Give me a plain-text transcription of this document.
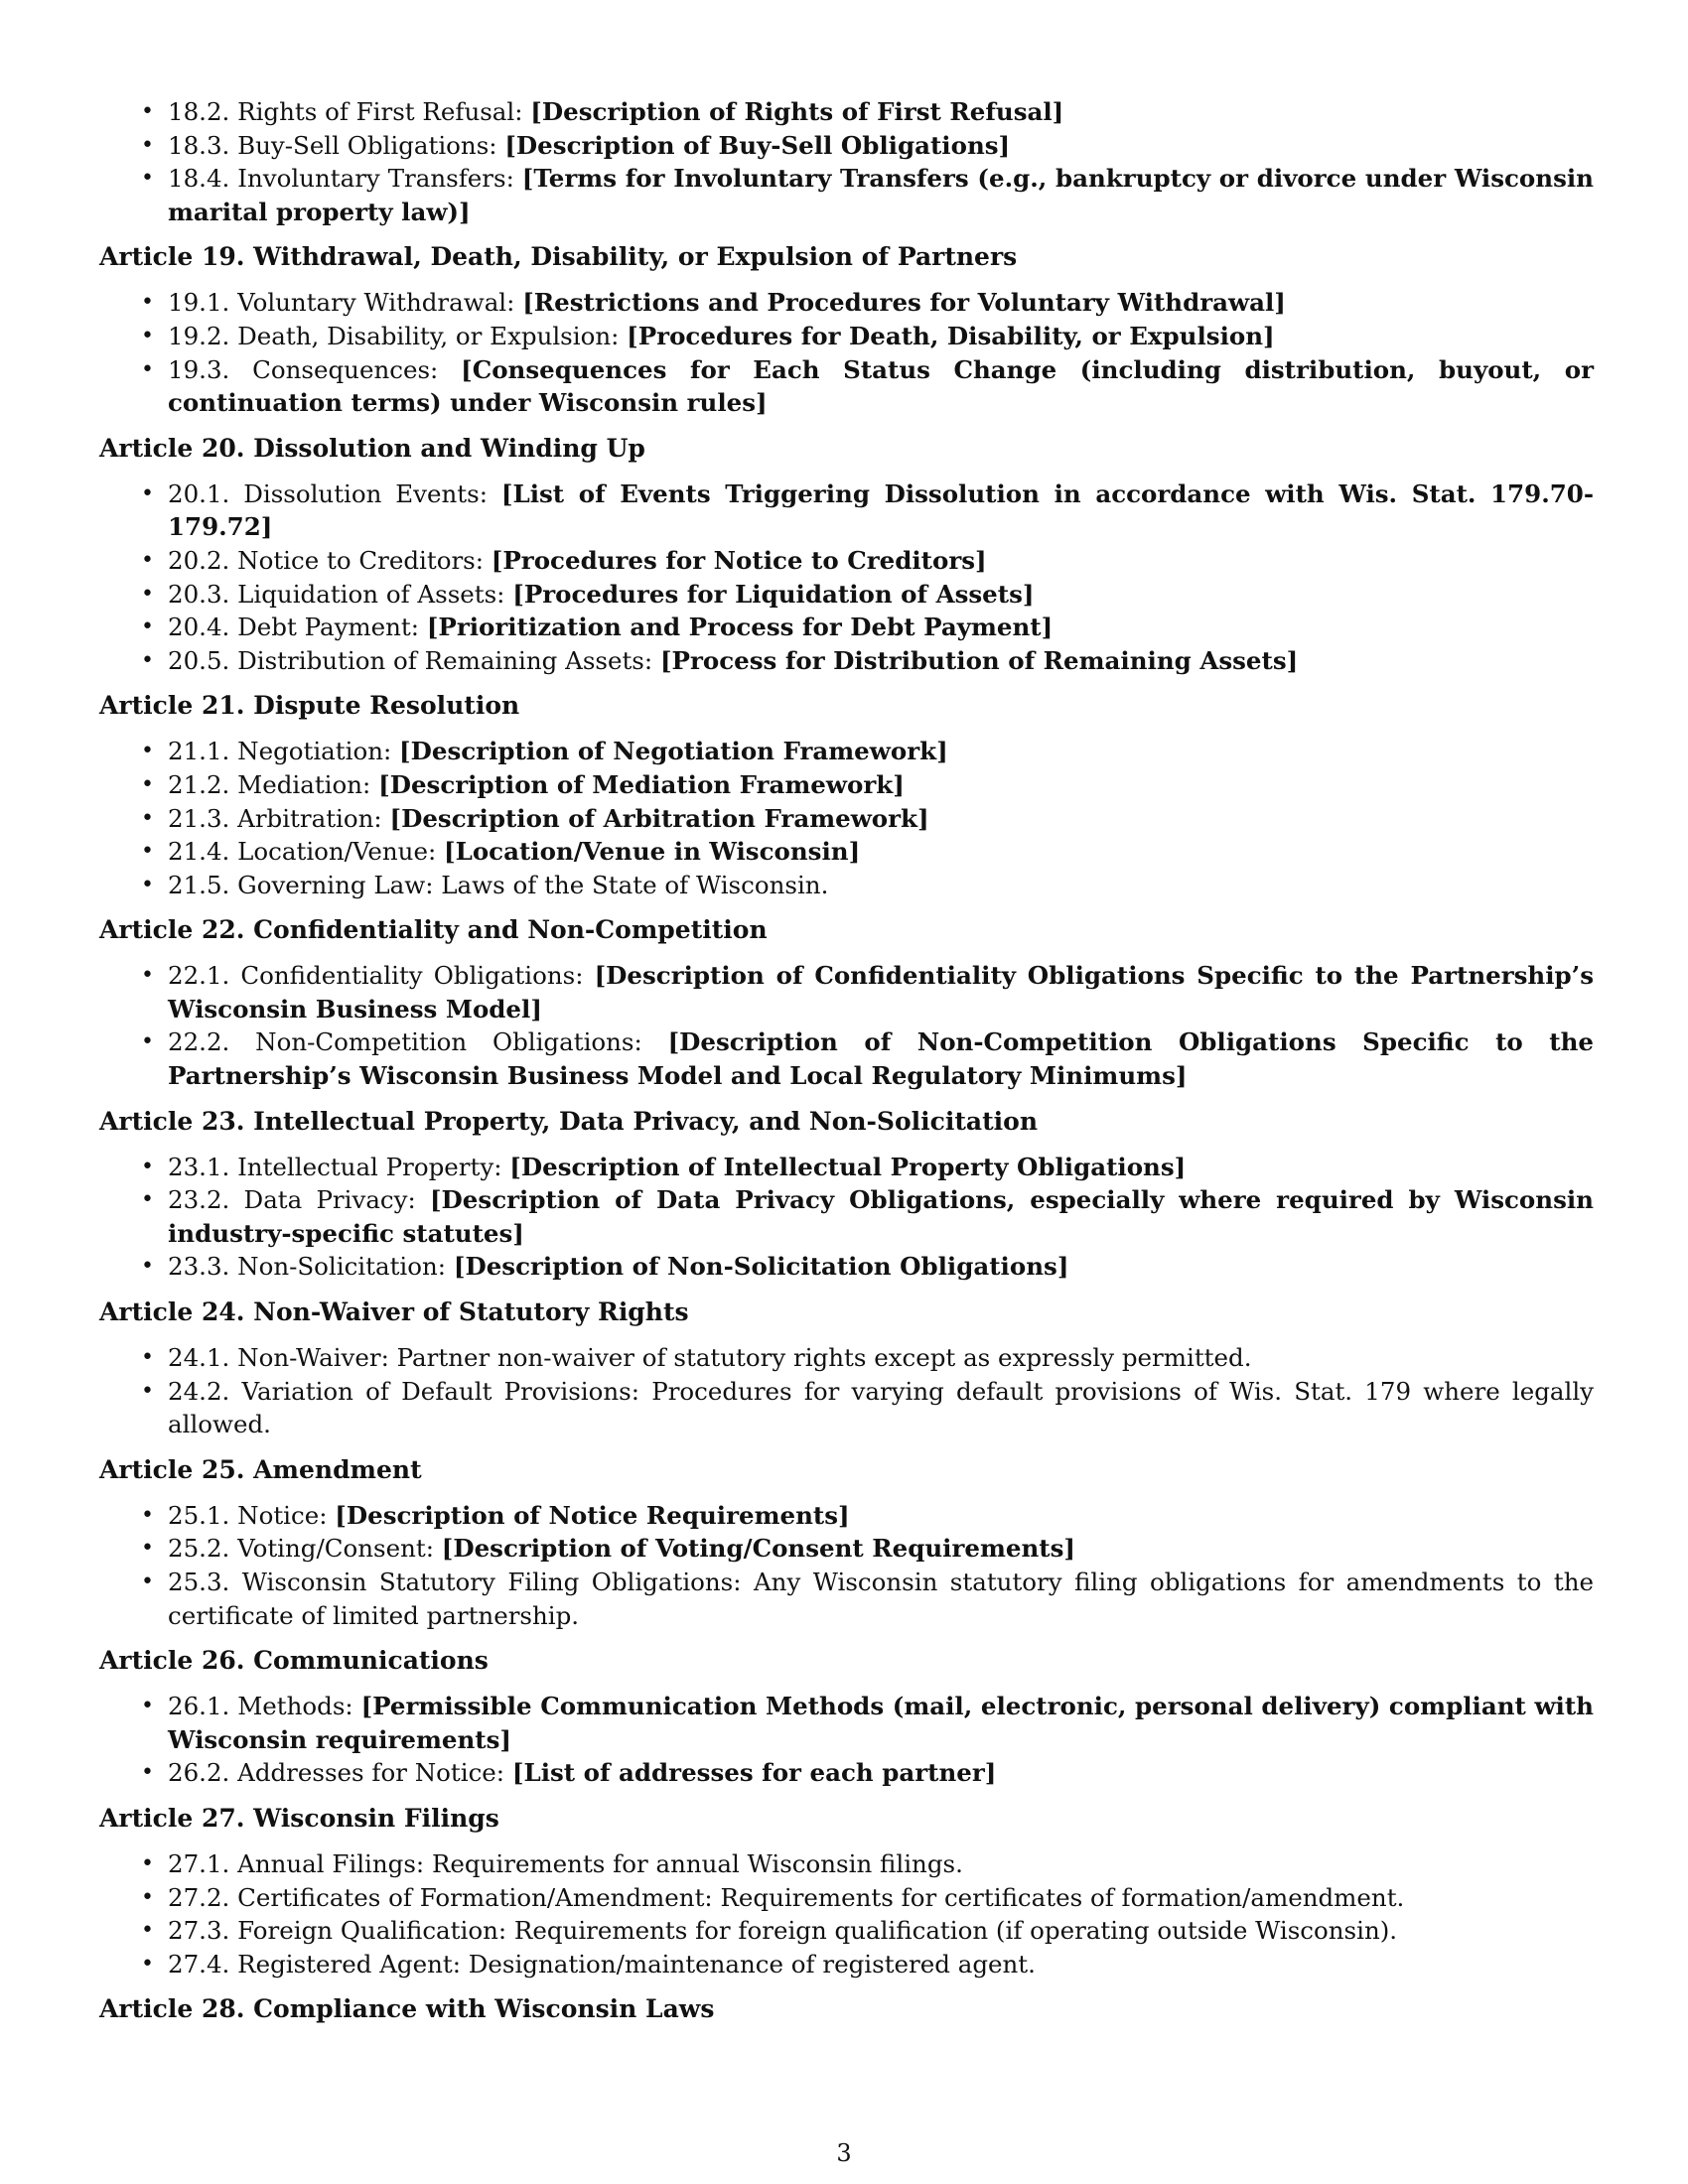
• 18.2. Rights of First Refusal: [Description of Rights of First Refusal]
• 18.3. Buy-Sell Obligations: [Description of Buy-Sell Obligations]
• 18.4. Involuntary Transfers: [Terms for Involuntary Transfers (e.g., bankruptcy or divorce under Wisconsin marital property law)]
Article 19. Withdrawal, Death, Disability, or Expulsion of Partners
• 19.1. Voluntary Withdrawal: [Restrictions and Procedures for Voluntary Withdrawal]
• 19.2. Death, Disability, or Expulsion: [Procedures for Death, Disability, or Expulsion]
• 19.3. Consequences: [Consequences for Each Status Change (including distribution, buyout, or continuation terms) under Wisconsin rules]
Article 20. Dissolution and Winding Up
• 20.1. Dissolution Events: [List of Events Triggering Dissolution in accordance with Wis. Stat. 179.70-179.72]
• 20.2. Notice to Creditors: [Procedures for Notice to Creditors]
• 20.3. Liquidation of Assets: [Procedures for Liquidation of Assets]
• 20.4. Debt Payment: [Prioritization and Process for Debt Payment]
• 20.5. Distribution of Remaining Assets: [Process for Distribution of Remaining Assets]
Article 21. Dispute Resolution
• 21.1. Negotiation: [Description of Negotiation Framework]
• 21.2. Mediation: [Description of Mediation Framework]
• 21.3. Arbitration: [Description of Arbitration Framework]
• 21.4. Location/Venue: [Location/Venue in Wisconsin]
• 21.5. Governing Law: Laws of the State of Wisconsin.
Article 22. Confidentiality and Non-Competition
• 22.1. Confidentiality Obligations: [Description of Confidentiality Obligations Specific to the Partnership’s Wisconsin Business Model]
• 22.2. Non-Competition Obligations: [Description of Non-Competition Obligations Specific to the Partnership’s Wisconsin Business Model and Local Regulatory Minimums]
Article 23. Intellectual Property, Data Privacy, and Non-Solicitation
• 23.1. Intellectual Property: [Description of Intellectual Property Obligations]
• 23.2. Data Privacy: [Description of Data Privacy Obligations, especially where required by Wisconsin industry-specific statutes]
• 23.3. Non-Solicitation: [Description of Non-Solicitation Obligations]
Article 24. Non-Waiver of Statutory Rights
• 24.1. Non-Waiver: Partner non-waiver of statutory rights except as expressly permitted.
• 24.2. Variation of Default Provisions: Procedures for varying default provisions of Wis. Stat. 179 where legally allowed.
Article 25. Amendment
• 25.1. Notice: [Description of Notice Requirements]
• 25.2. Voting/Consent: [Description of Voting/Consent Requirements]
• 25.3. Wisconsin Statutory Filing Obligations: Any Wisconsin statutory filing obligations for amendments to the certificate of limited partnership.
Article 26. Communications
• 26.1. Methods: [Permissible Communication Methods (mail, electronic, personal delivery) compliant with Wisconsin requirements]
• 26.2. Addresses for Notice: [List of addresses for each partner]
Article 27. Wisconsin Filings
• 27.1. Annual Filings: Requirements for annual Wisconsin filings.
• 27.2. Certificates of Formation/Amendment: Requirements for certificates of formation/amendment.
• 27.3. Foreign Qualification: Requirements for foreign qualification (if operating outside Wisconsin).
• 27.4. Registered Agent: Designation/maintenance of registered agent.
Article 28. Compliance with Wisconsin Laws
3
